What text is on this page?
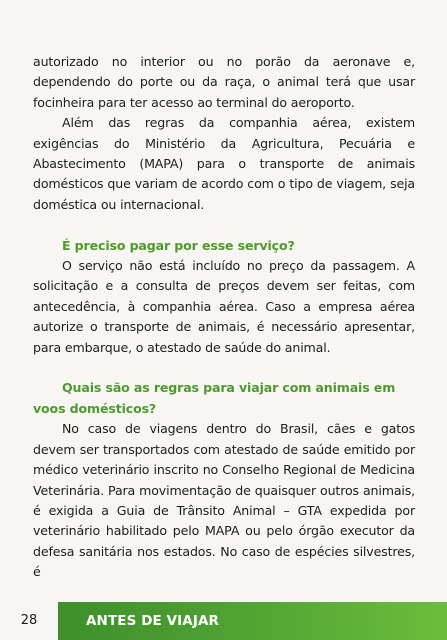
autorizado no interior ou no porão da aeronave e, dependendo do porte ou da raça, o animal terá que usar focinheira para ter acesso ao terminal do aeroporto.

Além das regras da companhia aérea, existem exigências do Ministério da Agricultura, Pecuária e Abastecimento (MAPA) para o transporte de animais domésticos que variam de acordo com o tipo de viagem, seja doméstica ou internacional.

É preciso pagar por esse serviço?

O serviço não está incluído no preço da passagem. A solicitação e a consulta de preços devem ser feitas, com antecedência, à companhia aérea. Caso a empresa aérea autorize o transporte de animais, é necessário apresentar, para embarque, o atestado de saúde do animal.

Quais são as regras para viajar com animais em voos domésticos?

No caso de viagens dentro do Brasil, cães e gatos devem ser transportados com atestado de saúde emitido por médico veterinário inscrito no Conselho Regional de Medicina Veterinária. Para movimentação de quaisquer outros animais, é exigida a Guia de Trânsito Animal – GTA expedida por veterinário habilitado pelo MAPA ou pelo órgão executor da defesa sanitária nos estados. No caso de espécies silvestres, é

28	ANTES DE VIAJAR
